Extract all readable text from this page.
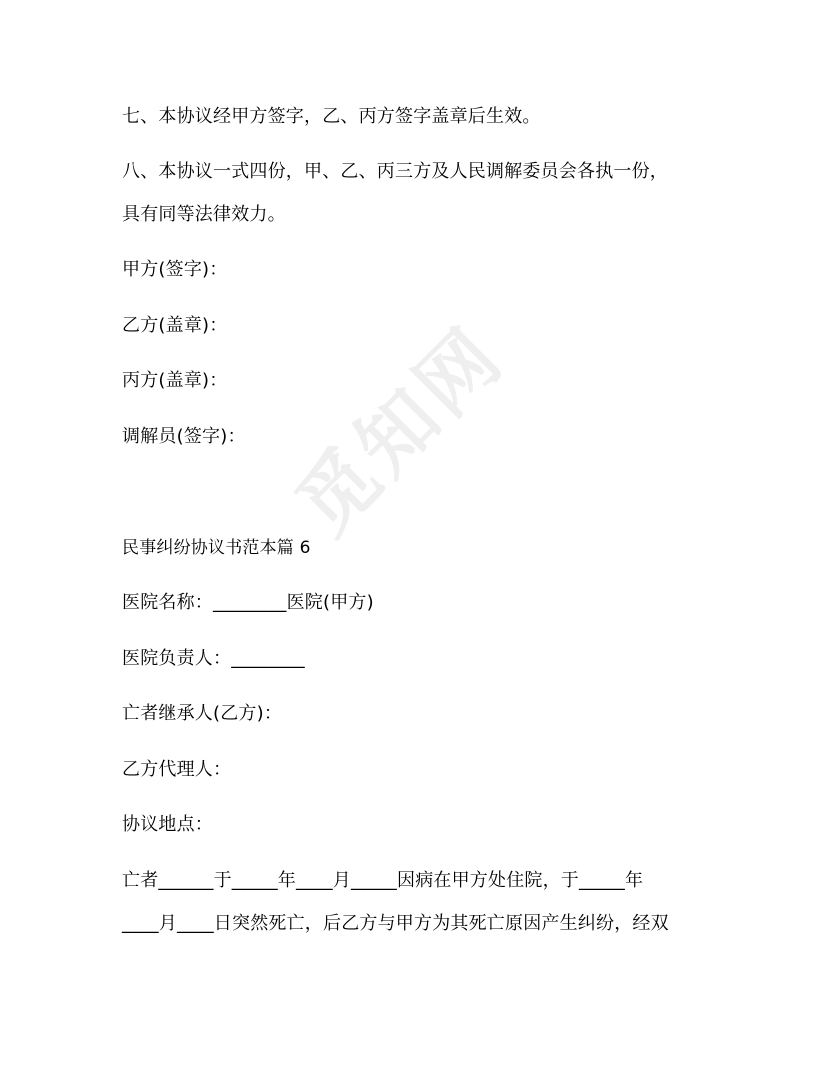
觅知网
七、本协议经甲方签字，乙、丙方签字盖章后生效。
八、本协议一式四份，甲、乙、丙三方及人民调解委员会各执一份，
具有同等法律效力。
甲方(签字)：
乙方(盖章)：
丙方(盖章)：
调解员(签字)：
民事纠纷协议书范本篇 6
医院名称：________医院(甲方)
医院负责人：________
亡者继承人(乙方)：
乙方代理人：
协议地点：
亡者______于_____年____月_____因病在甲方处住院，于_____年
____月____日突然死亡，后乙方与甲方为其死亡原因产生纠纷，经双
